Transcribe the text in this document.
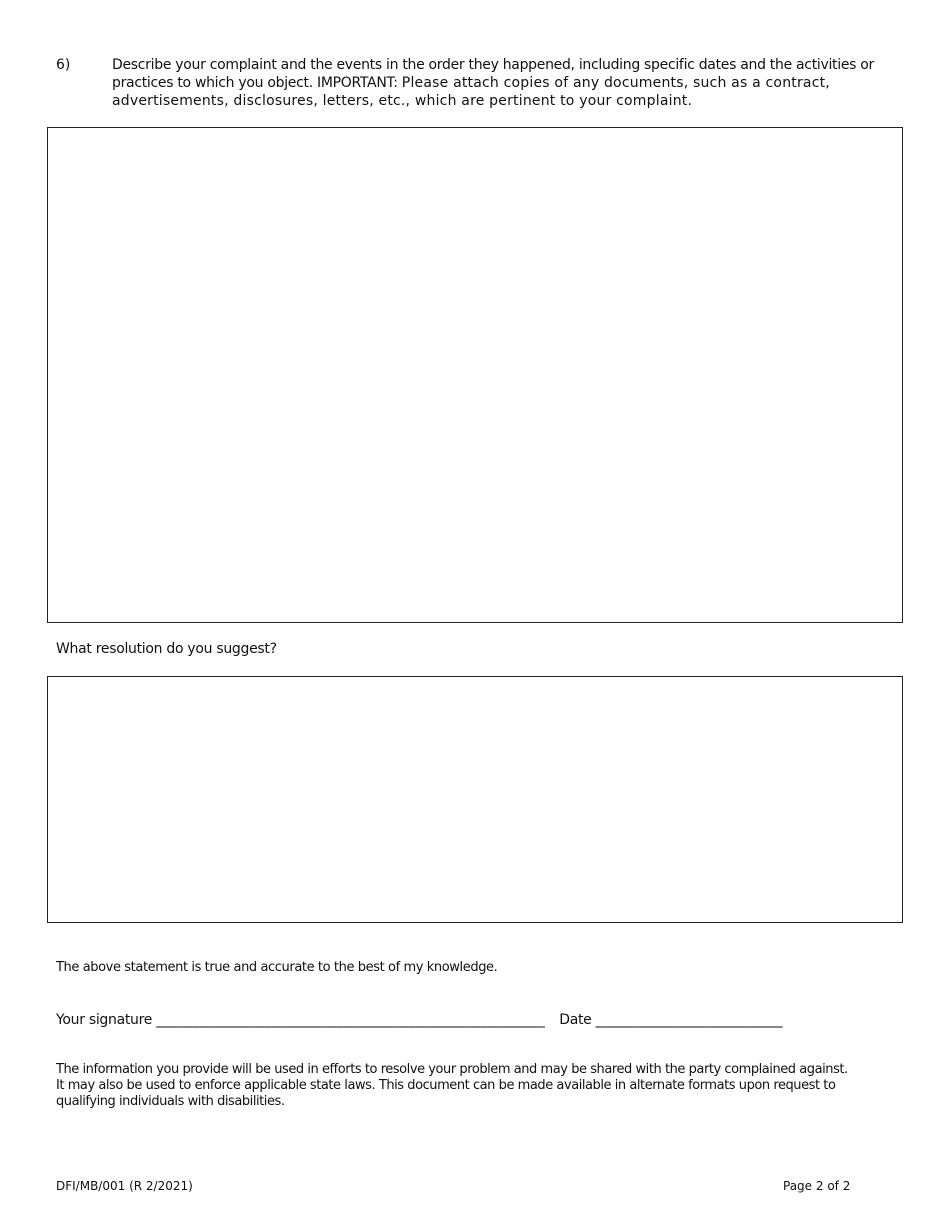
6)	Describe your complaint and the events in the order they happened, including specific dates and the activities or
practices to which you object. IMPORTANT: Please attach copies of any documents, such as a contract,
advertisements, disclosures, letters, etc., which are pertinent to your complaint.
What resolution do you suggest?
The above statement is true and accurate to the best of my knowledge.
Your signature ______________________________________________________ Date __________________________
The information you provide will be used in efforts to resolve your problem and may be shared with the party complained against.
It may also be used to enforce applicable state laws. This document can be made available in alternate formats upon request to
qualifying individuals with disabilities.
DFI/MB/001 (R 2/2021)	Page 2 of 2
